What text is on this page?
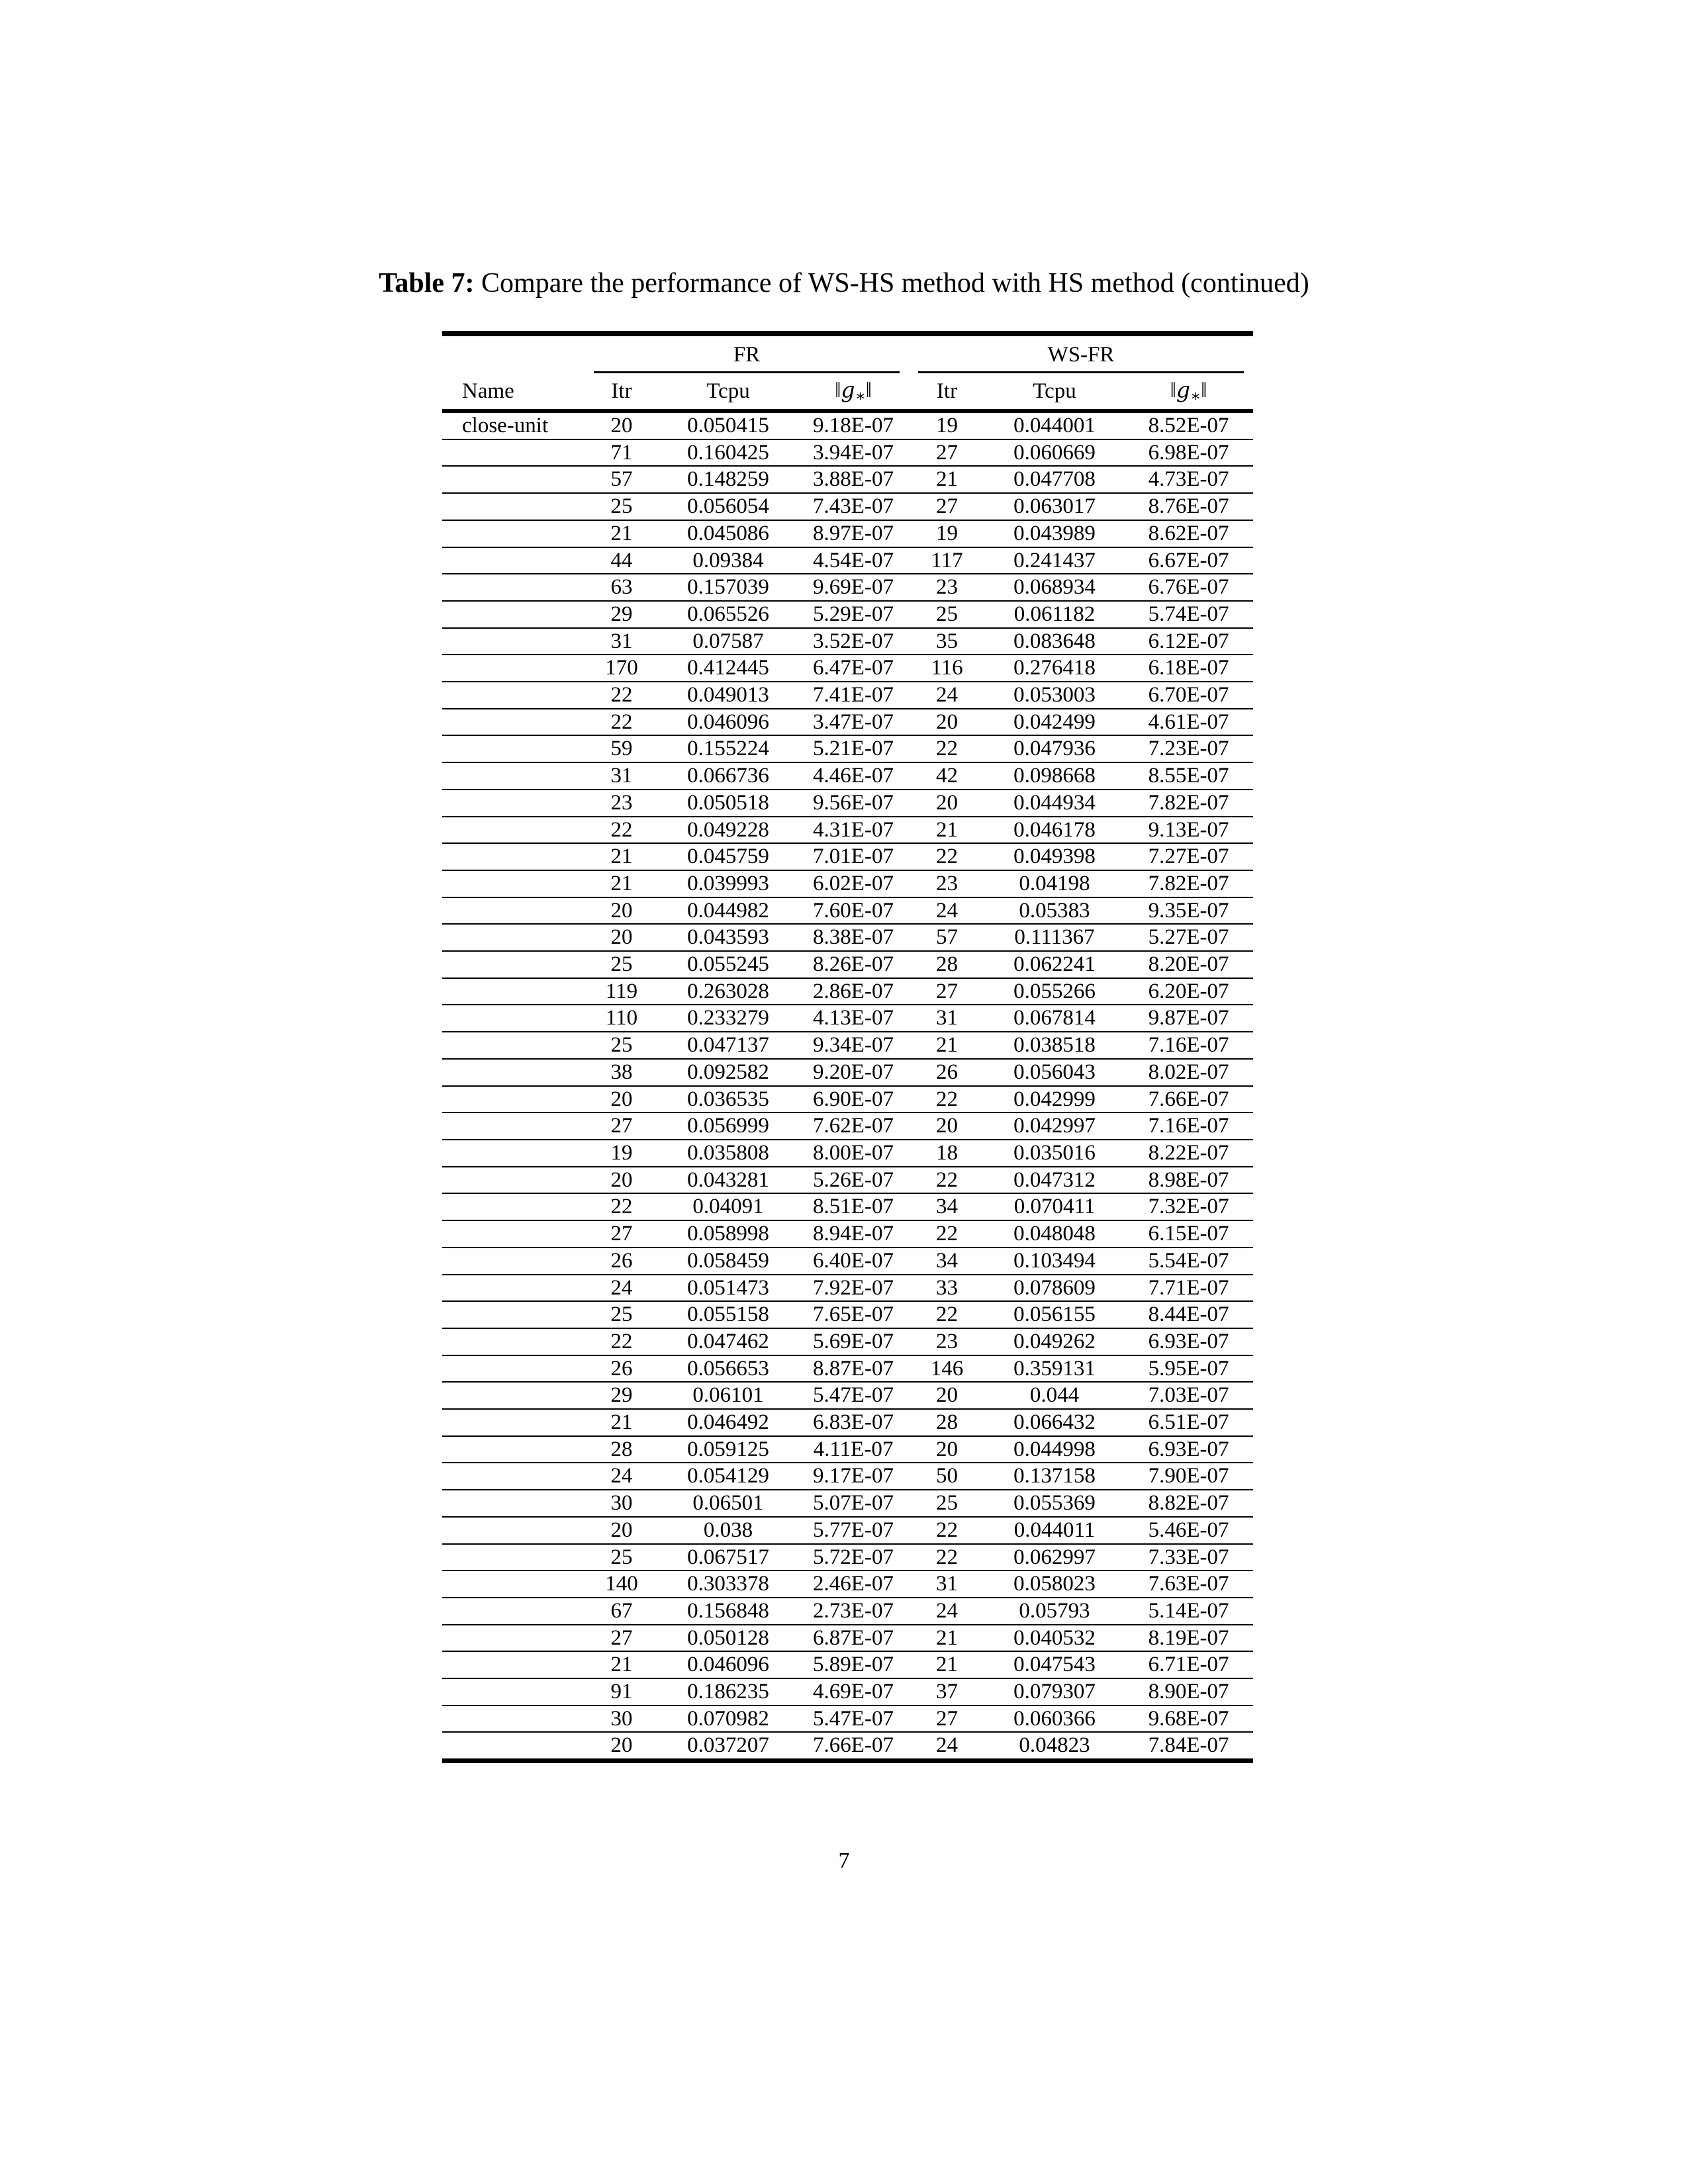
Table 7: Compare the performance of WS-HS method with HS method (continued)
	FR			WS-FR		
Name	Itr	Tcpu	$‖g_∗‖$	Itr	Tcpu	$‖g_∗‖$
close-unit	20	0.050415	9.18E-07	19	0.044001	8.52E-07
	71	0.160425	3.94E-07	27	0.060669	6.98E-07
	57	0.148259	3.88E-07	21	0.047708	4.73E-07
	25	0.056054	7.43E-07	27	0.063017	8.76E-07
	21	0.045086	8.97E-07	19	0.043989	8.62E-07
	44	0.09384	4.54E-07	117	0.241437	6.67E-07
	63	0.157039	9.69E-07	23	0.068934	6.76E-07
	29	0.065526	5.29E-07	25	0.061182	5.74E-07
	31	0.07587	3.52E-07	35	0.083648	6.12E-07
	170	0.412445	6.47E-07	116	0.276418	6.18E-07
	22	0.049013	7.41E-07	24	0.053003	6.70E-07
	22	0.046096	3.47E-07	20	0.042499	4.61E-07
	59	0.155224	5.21E-07	22	0.047936	7.23E-07
	31	0.066736	4.46E-07	42	0.098668	8.55E-07
	23	0.050518	9.56E-07	20	0.044934	7.82E-07
	22	0.049228	4.31E-07	21	0.046178	9.13E-07
	21	0.045759	7.01E-07	22	0.049398	7.27E-07
	21	0.039993	6.02E-07	23	0.04198	7.82E-07
	20	0.044982	7.60E-07	24	0.05383	9.35E-07
	20	0.043593	8.38E-07	57	0.111367	5.27E-07
	25	0.055245	8.26E-07	28	0.062241	8.20E-07
	119	0.263028	2.86E-07	27	0.055266	6.20E-07
	110	0.233279	4.13E-07	31	0.067814	9.87E-07
	25	0.047137	9.34E-07	21	0.038518	7.16E-07
	38	0.092582	9.20E-07	26	0.056043	8.02E-07
	20	0.036535	6.90E-07	22	0.042999	7.66E-07
	27	0.056999	7.62E-07	20	0.042997	7.16E-07
	19	0.035808	8.00E-07	18	0.035016	8.22E-07
	20	0.043281	5.26E-07	22	0.047312	8.98E-07
	22	0.04091	8.51E-07	34	0.070411	7.32E-07
	27	0.058998	8.94E-07	22	0.048048	6.15E-07
	26	0.058459	6.40E-07	34	0.103494	5.54E-07
	24	0.051473	7.92E-07	33	0.078609	7.71E-07
	25	0.055158	7.65E-07	22	0.056155	8.44E-07
	22	0.047462	5.69E-07	23	0.049262	6.93E-07
	26	0.056653	8.87E-07	146	0.359131	5.95E-07
	29	0.06101	5.47E-07	20	0.044	7.03E-07
	21	0.046492	6.83E-07	28	0.066432	6.51E-07
	28	0.059125	4.11E-07	20	0.044998	6.93E-07
	24	0.054129	9.17E-07	50	0.137158	7.90E-07
	30	0.06501	5.07E-07	25	0.055369	8.82E-07
	20	0.038	5.77E-07	22	0.044011	5.46E-07
	25	0.067517	5.72E-07	22	0.062997	7.33E-07
	140	0.303378	2.46E-07	31	0.058023	7.63E-07
	67	0.156848	2.73E-07	24	0.05793	5.14E-07
	27	0.050128	6.87E-07	21	0.040532	8.19E-07
	21	0.046096	5.89E-07	21	0.047543	6.71E-07
	91	0.186235	4.69E-07	37	0.079307	8.90E-07
	30	0.070982	5.47E-07	27	0.060366	9.68E-07
	20	0.037207	7.66E-07	24	0.04823	7.84E-07
7
